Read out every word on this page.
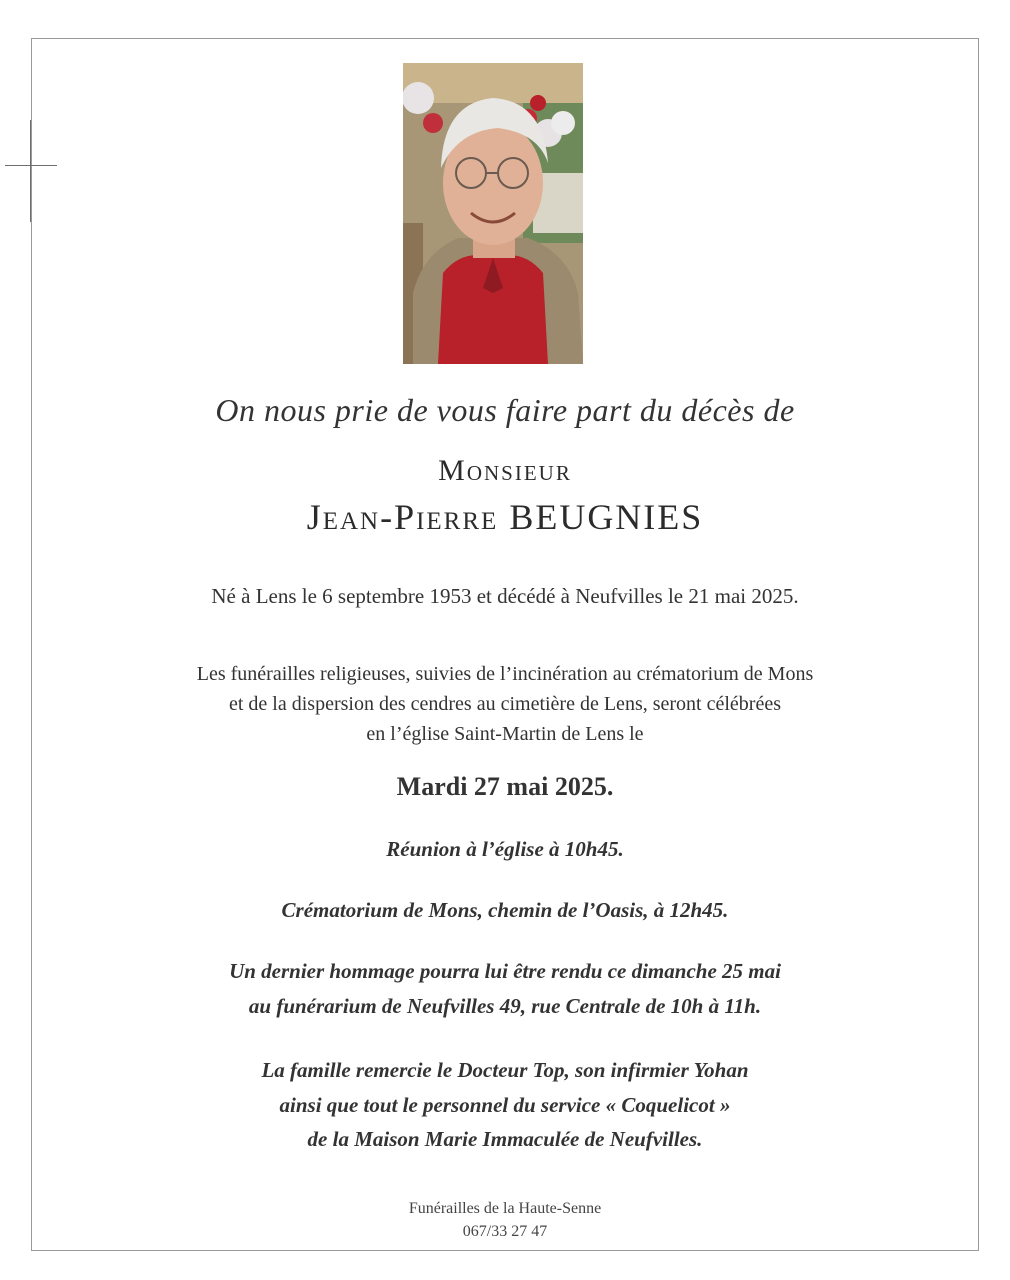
On nous prie de vous faire part du décès de
Monsieur
Jean-Pierre BEUGNIES
Né à Lens le 6 septembre 1953 et décédé à Neufvilles le 21 mai 2025.
Les funérailles religieuses, suivies de l’incinération au crématorium de Mons
et de la dispersion des cendres au cimetière de Lens, seront célébrées
en l’église Saint-Martin de Lens le
Mardi 27 mai 2025.
Réunion à l’église à 10h45.
Crématorium de Mons, chemin de l’Oasis, à 12h45.
Un dernier hommage pourra lui être rendu ce dimanche 25 mai
au funérarium de Neufvilles 49, rue Centrale de 10h à 11h.
La famille remercie le Docteur Top, son infirmier Yohan
ainsi que tout le personnel du service « Coquelicot »
de la Maison Marie Immaculée de Neufvilles.
Funérailles de la Haute-Senne
067/33 27 47
